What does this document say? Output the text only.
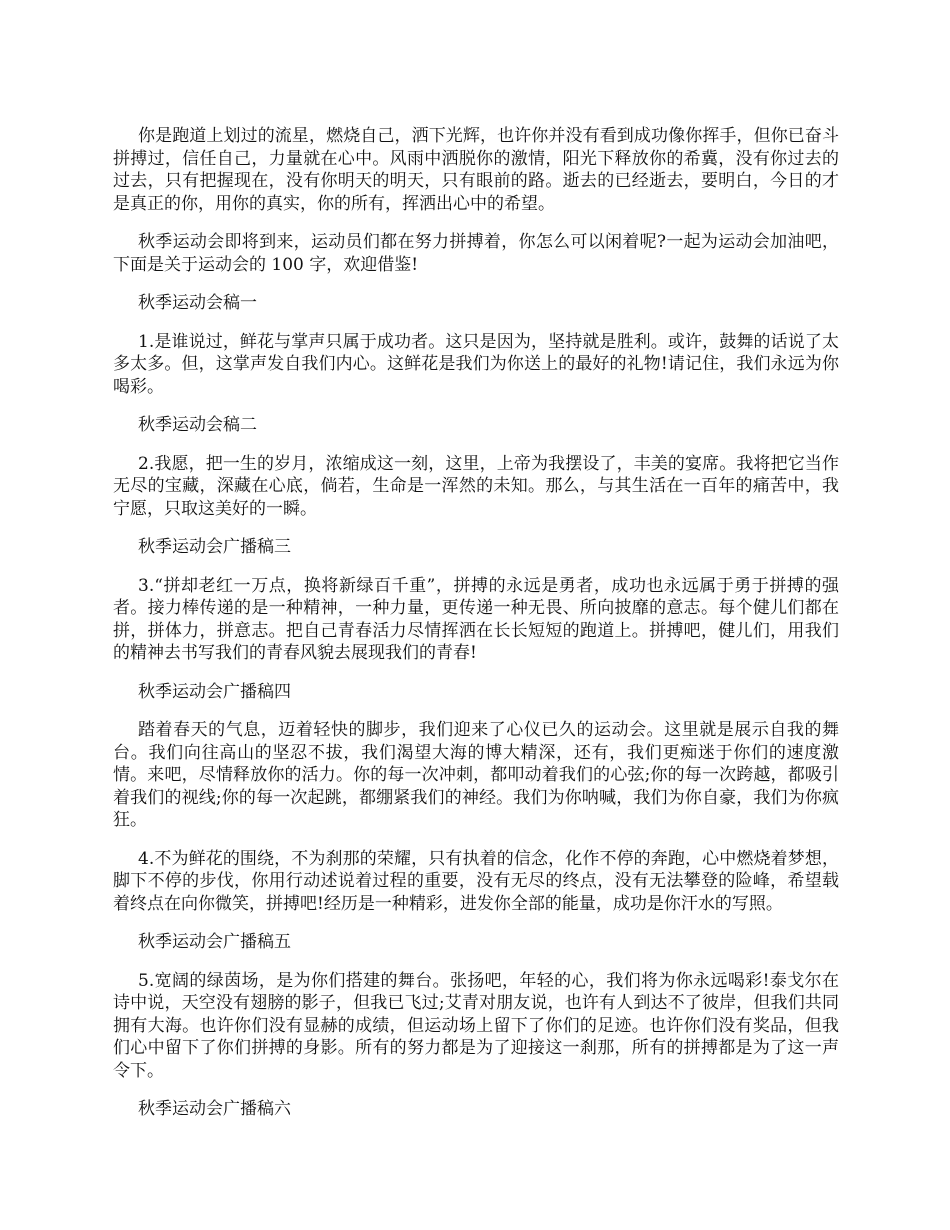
你是跑道上划过的流星，燃烧自己，洒下光辉，也许你并没有看到成功像你挥手，但你已奋斗拼搏过，信任自己，力量就在心中。风雨中洒脱你的激情，阳光下释放你的希冀，没有你过去的过去，只有把握现在，没有你明天的明天，只有眼前的路。逝去的已经逝去，要明白，今日的才是真正的你，用你的真实，你的所有，挥洒出心中的希望。

秋季运动会即将到来，运动员们都在努力拼搏着，你怎么可以闲着呢?一起为运动会加油吧，下面是关于运动会的 100 字，欢迎借鉴!

秋季运动会稿一

1.是谁说过，鲜花与掌声只属于成功者。这只是因为，坚持就是胜利。或许，鼓舞的话说了太多太多。但，这掌声发自我们内心。这鲜花是我们为你送上的最好的礼物!请记住，我们永远为你喝彩。

秋季运动会稿二

2.我愿，把一生的岁月，浓缩成这一刻，这里，上帝为我摆设了，丰美的宴席。我将把它当作无尽的宝藏，深藏在心底，倘若，生命是一浑然的未知。那么，与其生活在一百年的痛苦中，我宁愿，只取这美好的一瞬。

秋季运动会广播稿三

3.“拼却老红一万点，换将新绿百千重”，拼搏的永远是勇者，成功也永远属于勇于拼搏的强者。接力棒传递的是一种精神，一种力量，更传递一种无畏、所向披靡的意志。每个健儿们都在拼，拼体力，拼意志。把自己青春活力尽情挥洒在长长短短的跑道上。拼搏吧，健儿们，用我们的精神去书写我们的青春风貌去展现我们的青春!

秋季运动会广播稿四

踏着春天的气息，迈着轻快的脚步，我们迎来了心仪已久的运动会。这里就是展示自我的舞台。我们向往高山的坚忍不拔，我们渴望大海的博大精深，还有，我们更痴迷于你们的速度激情。来吧，尽情释放你的活力。你的每一次冲刺，都叩动着我们的心弦;你的每一次跨越，都吸引着我们的视线;你的每一次起跳，都绷紧我们的神经。我们为你呐喊，我们为你自豪，我们为你疯狂。

4.不为鲜花的围绕，不为刹那的荣耀，只有执着的信念，化作不停的奔跑，心中燃烧着梦想，脚下不停的步伐，你用行动述说着过程的重要，没有无尽的终点，没有无法攀登的险峰，希望载着终点在向你微笑，拼搏吧!经历是一种精彩，进发你全部的能量，成功是你汗水的写照。

秋季运动会广播稿五

5.宽阔的绿茵场，是为你们搭建的舞台。张扬吧，年轻的心，我们将为你永远喝彩!泰戈尔在诗中说，天空没有翅膀的影子，但我已飞过;艾青对朋友说，也许有人到达不了彼岸，但我们共同拥有大海。也许你们没有显赫的成绩，但运动场上留下了你们的足迹。也许你们没有奖品，但我们心中留下了你们拼搏的身影。所有的努力都是为了迎接这一刹那，所有的拼搏都是为了这一声令下。

秋季运动会广播稿六
